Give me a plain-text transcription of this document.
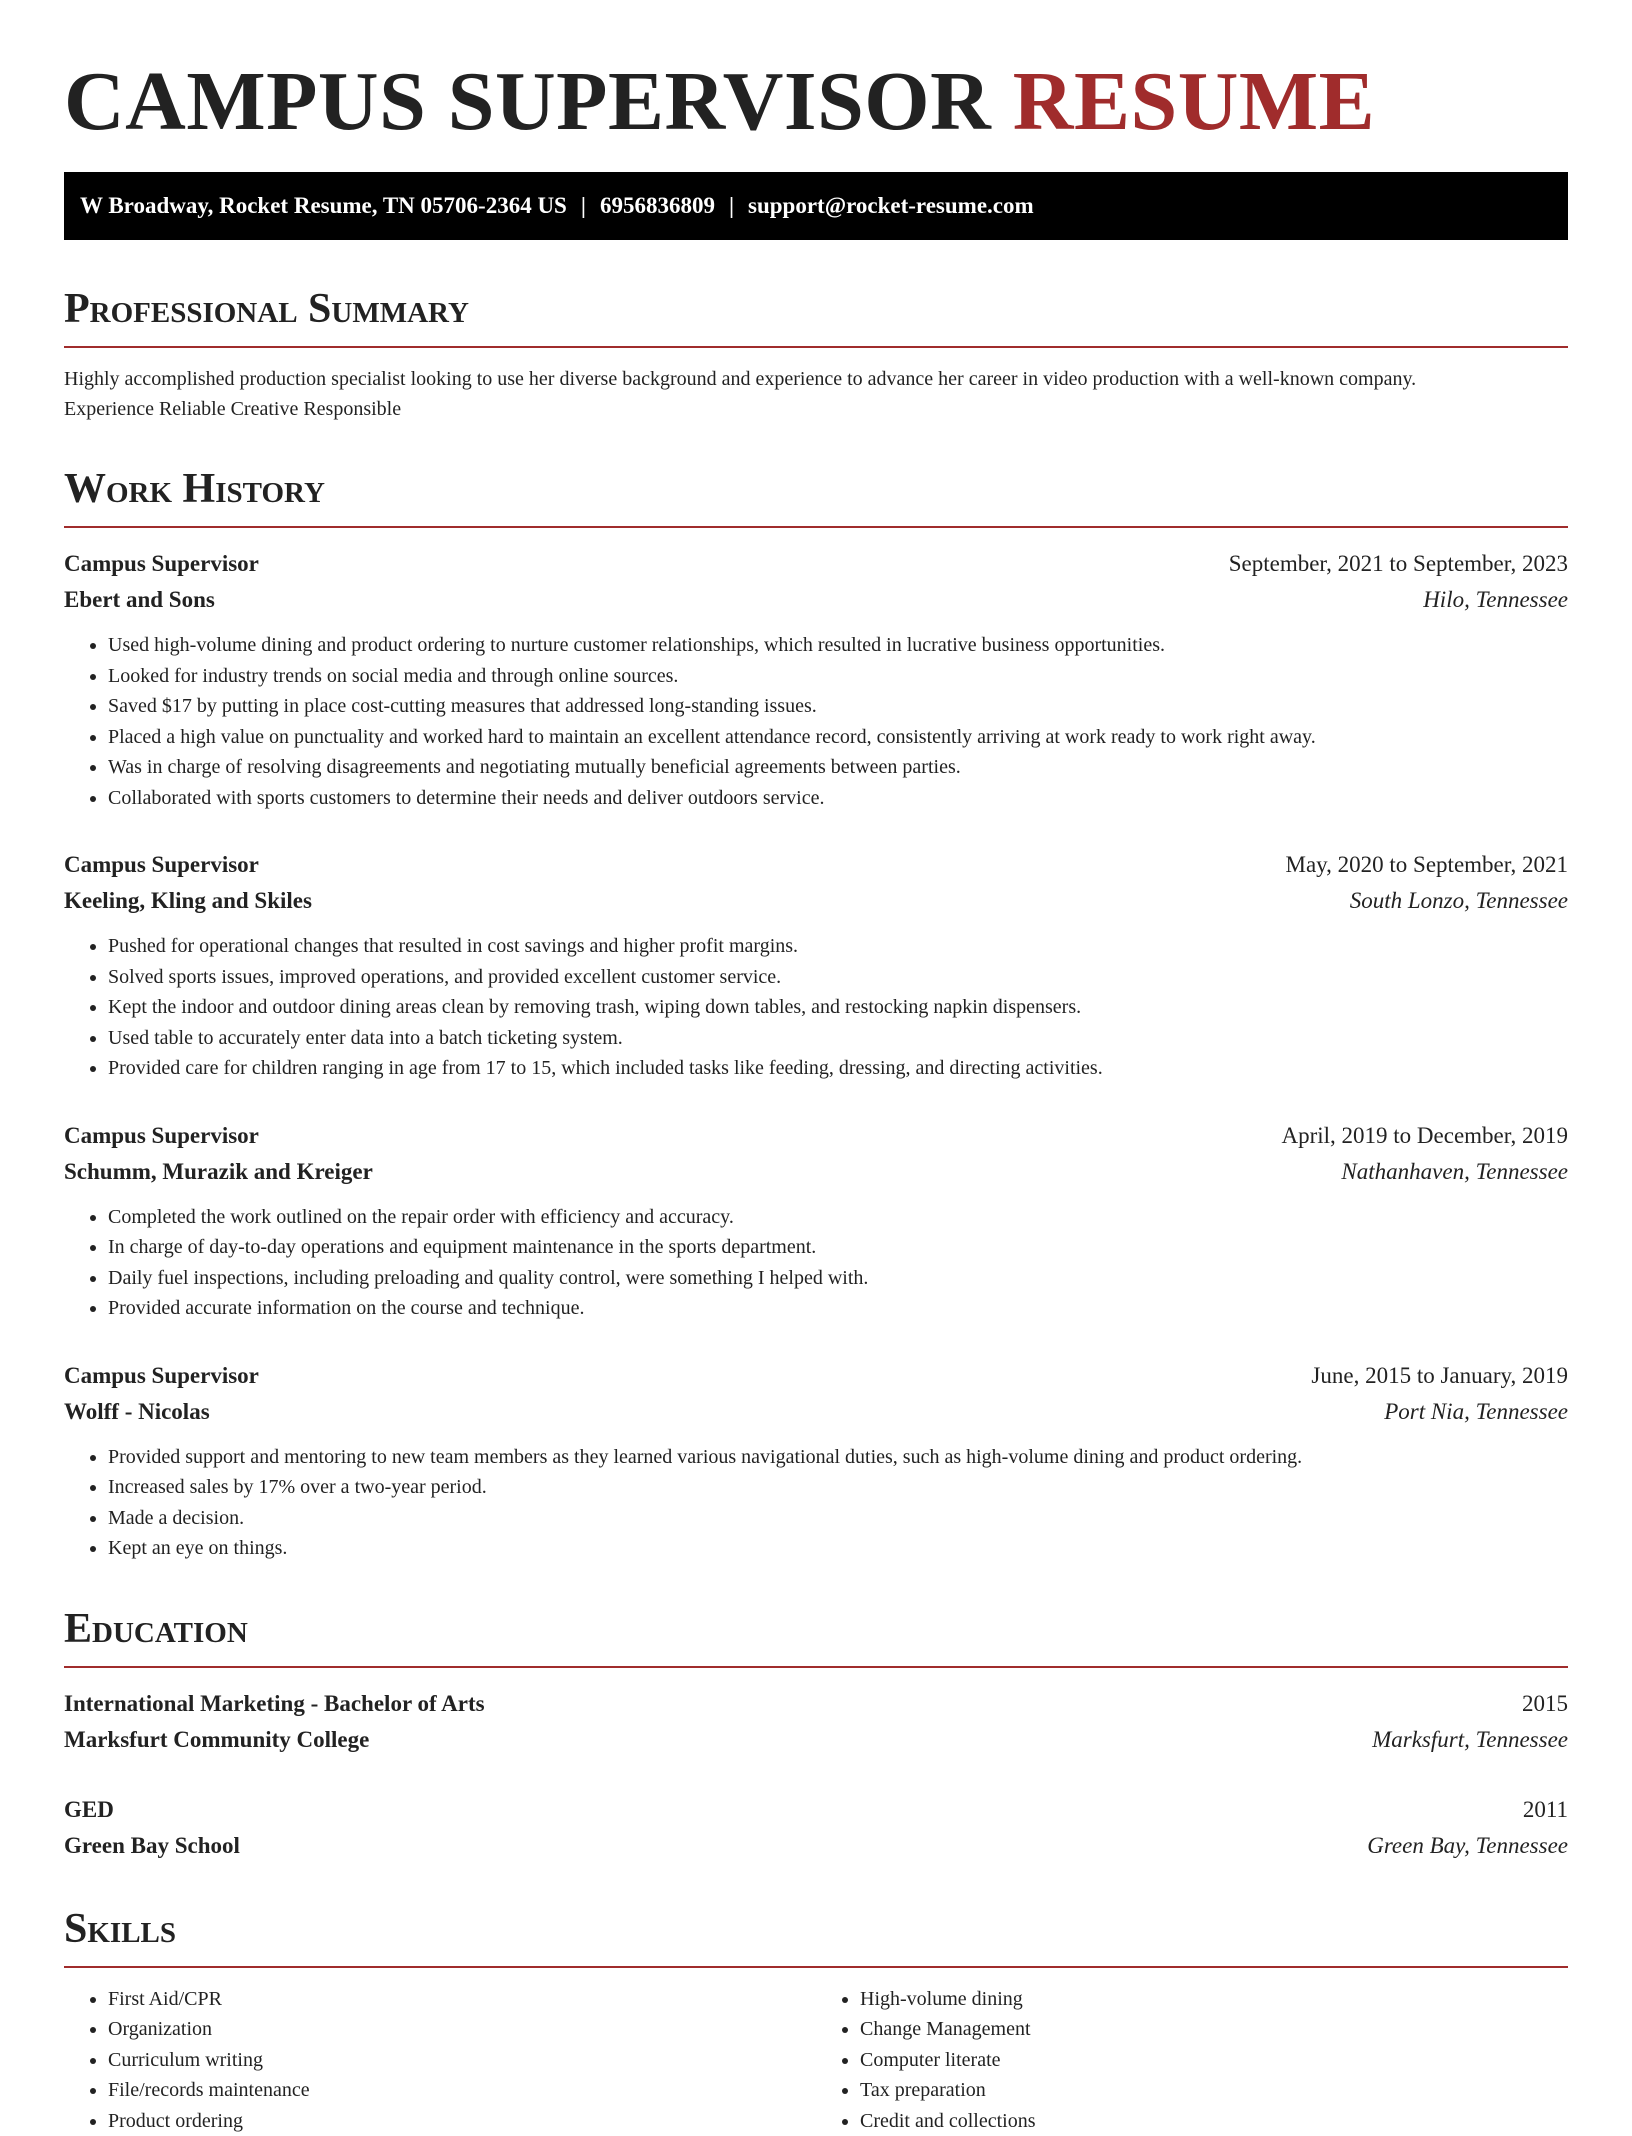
CAMPUS SUPERVISOR RESUME
W Broadway, Rocket Resume, TN 05706-2364 US | 6956836809 | support@rocket-resume.com
Professional Summary

Highly accomplished production specialist looking to use her diverse background and experience to advance her career in video production with a well-known company.
Experience Reliable Creative Responsible

Work History
Campus Supervisor	September, 2021 to September, 2023
Ebert and Sons	Hilo, Tennessee
• Used high-volume dining and product ordering to nurture customer relationships, which resulted in lucrative business opportunities.
• Looked for industry trends on social media and through online sources.
• Saved $17 by putting in place cost-cutting measures that addressed long-standing issues.
• Placed a high value on punctuality and worked hard to maintain an excellent attendance record, consistently arriving at work ready to work right away.
• Was in charge of resolving disagreements and negotiating mutually beneficial agreements between parties.
• Collaborated with sports customers to determine their needs and deliver outdoors service.
Campus Supervisor	May, 2020 to September, 2021
Keeling, Kling and Skiles	South Lonzo, Tennessee
• Pushed for operational changes that resulted in cost savings and higher profit margins.
• Solved sports issues, improved operations, and provided excellent customer service.
• Kept the indoor and outdoor dining areas clean by removing trash, wiping down tables, and restocking napkin dispensers.
• Used table to accurately enter data into a batch ticketing system.
• Provided care for children ranging in age from 17 to 15, which included tasks like feeding, dressing, and directing activities.
Campus Supervisor	April, 2019 to December, 2019
Schumm, Murazik and Kreiger	Nathanhaven, Tennessee
• Completed the work outlined on the repair order with efficiency and accuracy.
• In charge of day-to-day operations and equipment maintenance in the sports department.
• Daily fuel inspections, including preloading and quality control, were something I helped with.
• Provided accurate information on the course and technique.
Campus Supervisor	June, 2015 to January, 2019
Wolff - Nicolas	Port Nia, Tennessee
• Provided support and mentoring to new team members as they learned various navigational duties, such as high-volume dining and product ordering.
• Increased sales by 17% over a two-year period.
• Made a decision.
• Kept an eye on things.
Education
International Marketing - Bachelor of Arts	2015
Marksfurt Community College	Marksfurt, Tennessee
GED	2011
Green Bay School	Green Bay, Tennessee
Skills
• First Aid/CPR
• Organization
• Curriculum writing
• File/records maintenance
• Product ordering
• High-volume dining
• Change Management
• Computer literate
• Tax preparation
• Credit and collections
